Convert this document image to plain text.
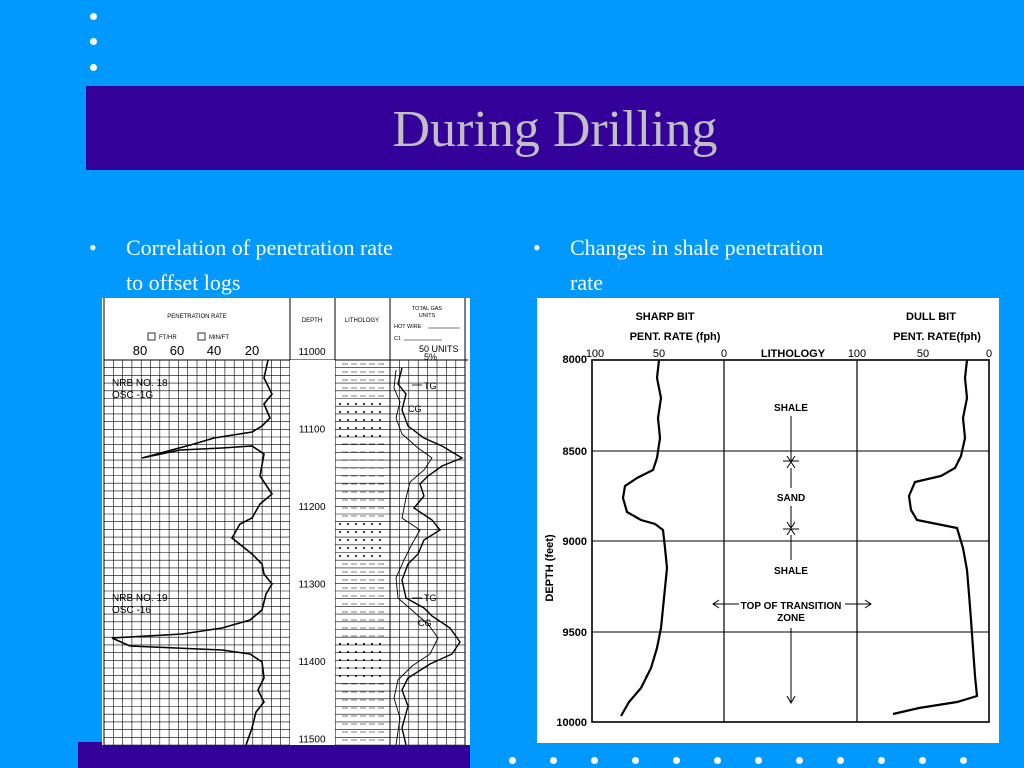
During Drilling
• Correlation of penetration rate
to offset logs
• Changes in shale penetration
rate
PENETRATION RATE
FT/HR	MIN/FT
80 60 40 20
DEPTH	LITHOLOGY
TOTAL GAS
UNITS
HOT WIRE
C1
50 UNITS
5%
11000
11100
11200
11300
11400
11500
NRB NO. 18
OSC -1G
NRB NO. 19
OSC -16
TG
CG
TG
CG
SHARP BIT	DULL BIT
PENT. RATE (fph)	PENT. RATE(fph)
100	50	0	LITHOLOGY 100	50	0
8000
8500
9000
9500
10000
DEPTH (feet)
SHALE
SAND
SHALE
TOP OF TRANSITION
ZONE
